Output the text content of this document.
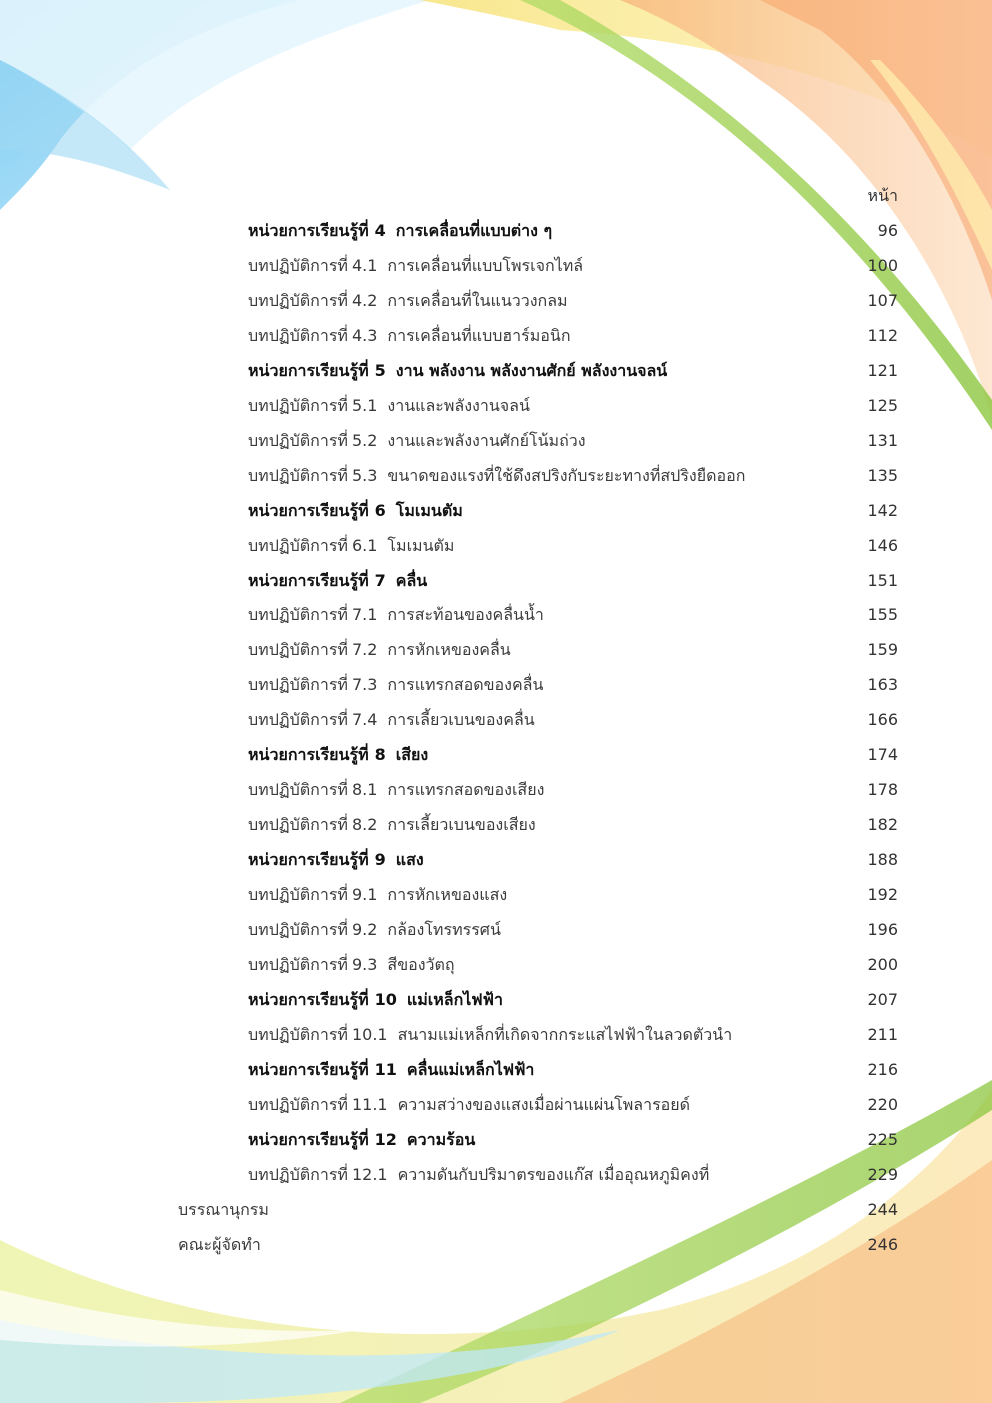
หน้า
หน่วยการเรียนรู้ที่ 4 การเคลื่อนที่แบบต่าง ๆ	96
บทปฏิบัติการที่ 4.1 การเคลื่อนที่แบบโพรเจกไทล์	100
บทปฏิบัติการที่ 4.2 การเคลื่อนที่ในแนววงกลม	107
บทปฏิบัติการที่ 4.3 การเคลื่อนที่แบบฮาร์มอนิก	112
หน่วยการเรียนรู้ที่ 5 งาน พลังงาน พลังงานศักย์ พลังงานจลน์	121
บทปฏิบัติการที่ 5.1 งานและพลังงานจลน์	125
บทปฏิบัติการที่ 5.2 งานและพลังงานศักย์โน้มถ่วง	131
บทปฏิบัติการที่ 5.3 ขนาดของแรงที่ใช้ดึงสปริงกับระยะทางที่สปริงยืดออก	135
หน่วยการเรียนรู้ที่ 6 โมเมนตัม	142
บทปฏิบัติการที่ 6.1 โมเมนตัม	146
หน่วยการเรียนรู้ที่ 7 คลื่น	151
บทปฏิบัติการที่ 7.1 การสะท้อนของคลื่นน้ำ	155
บทปฏิบัติการที่ 7.2 การหักเหของคลื่น	159
บทปฏิบัติการที่ 7.3 การแทรกสอดของคลื่น	163
บทปฏิบัติการที่ 7.4 การเลี้ยวเบนของคลื่น	166
หน่วยการเรียนรู้ที่ 8 เสียง	174
บทปฏิบัติการที่ 8.1 การแทรกสอดของเสียง	178
บทปฏิบัติการที่ 8.2 การเลี้ยวเบนของเสียง	182
หน่วยการเรียนรู้ที่ 9 แสง	188
บทปฏิบัติการที่ 9.1 การหักเหของแสง	192
บทปฏิบัติการที่ 9.2 กล้องโทรทรรศน์	196
บทปฏิบัติการที่ 9.3 สีของวัตถุ	200
หน่วยการเรียนรู้ที่ 10 แม่เหล็กไฟฟ้า	207
บทปฏิบัติการที่ 10.1 สนามแม่เหล็กที่เกิดจากกระแสไฟฟ้าในลวดตัวนำ	211
หน่วยการเรียนรู้ที่ 11 คลื่นแม่เหล็กไฟฟ้า	216
บทปฏิบัติการที่ 11.1 ความสว่างของแสงเมื่อผ่านแผ่นโพลารอยด์	220
หน่วยการเรียนรู้ที่ 12 ความร้อน	225
บทปฏิบัติการที่ 12.1 ความดันกับปริมาตรของแก๊ส เมื่ออุณหภูมิคงที่	229
บรรณานุกรม	244
คณะผู้จัดทำ	246
